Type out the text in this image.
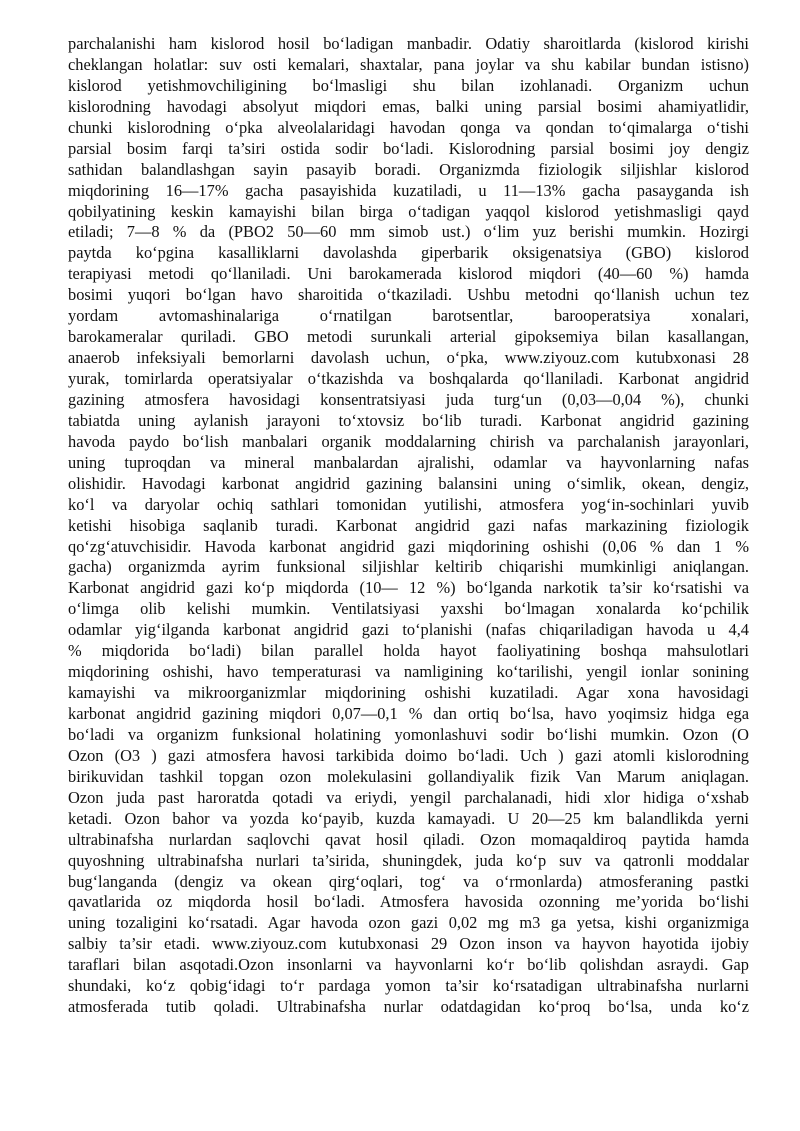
parchalanishi ham kislorod hosil bo‘ladigan manbadir. Odatiy sharoitlarda (kislorod kirishi
cheklangan holatlar: suv osti kemalari, shaxtalar, pana joylar va shu kabilar bundan istisno)
kislorod yetishmovchiligining bo‘lmasligi shu bilan izohlanadi. Organizm uchun
kislorodning havodagi absolyut miqdori emas, balki uning parsial bosimi ahamiyatlidir,
chunki kislorodning o‘pka alveolalaridagi havodan qonga va qondan to‘qimalarga o‘tishi
parsial bosim farqi ta’siri ostida sodir bo‘ladi. Kislorodning parsial bosimi joy dengiz
sathidan balandlashgan sayin pasayib boradi. Organizmda fiziologik siljishlar kislorod
miqdorining 16—17% gacha pasayishida kuzatiladi, u 11—13% gacha pasayganda ish
qobilyatining keskin kamayishi bilan birga o‘tadigan yaqqol kislorod yetishmasligi qayd
etiladi; 7—8 % da (PBO2 50—60 mm simob ust.) o‘lim yuz berishi mumkin. Hozirgi
paytda ko‘pgina kasalliklarni davolashda giperbarik oksigenatsiya (GBO) kislorod
terapiyasi metodi qo‘llaniladi. Uni barokamerada kislorod miqdori (40—60 %) hamda
bosimi yuqori bo‘lgan havo sharoitida o‘tkaziladi. Ushbu metodni qo‘llanish uchun tez
yordam avtomashinalariga o‘rnatilgan barotsentlar, barooperatsiya xonalari,
barokameralar quriladi. GBO metodi surunkali arterial gipoksemiya bilan kasallangan,
anaerob infeksiyali bemorlarni davolash uchun, o‘pka, www.ziyouz.com kutubxonasi 28
yurak, tomirlarda operatsiyalar o‘tkazishda va boshqalarda qo‘llaniladi. Karbonat angidrid
gazining atmosfera havosidagi konsentratsiyasi juda turg‘un (0,03—0,04 %), chunki
tabiatda uning aylanish jarayoni to‘xtovsiz bo‘lib turadi. Karbonat angidrid gazining
havoda paydo bo‘lish manbalari organik moddalarning chirish va parchalanish jarayonlari,
uning tuproqdan va mineral manbalardan ajralishi, odamlar va hayvonlarning nafas
olishidir. Havodagi karbonat angidrid gazining balansini uning o‘simlik, okean, dengiz,
ko‘l va daryolar ochiq sathlari tomonidan yutilishi, atmosfera yog‘in-sochinlari yuvib
ketishi hisobiga saqlanib turadi. Karbonat angidrid gazi nafas markazining fiziologik
qo‘zg‘atuvchisidir. Havoda karbonat angidrid gazi miqdorining oshishi (0,06 % dan 1 %
gacha) organizmda ayrim funksional siljishlar keltirib chiqarishi mumkinligi aniqlangan.
Karbonat angidrid gazi ko‘p miqdorda (10— 12 %) bo‘lganda narkotik ta’sir ko‘rsatishi va
o‘limga olib kelishi mumkin. Ventilatsiyasi yaxshi bo‘lmagan xonalarda ko‘pchilik
odamlar yig‘ilganda karbonat angidrid gazi to‘planishi (nafas chiqariladigan havoda u 4,4
% miqdorida bo‘ladi) bilan parallel holda hayot faoliyatining boshqa mahsulotlari
miqdorining oshishi, havo temperaturasi va namligining ko‘tarilishi, yengil ionlar sonining
kamayishi va mikroorganizmlar miqdorining oshishi kuzatiladi. Agar xona havosidagi
karbonat angidrid gazining miqdori 0,07—0,1 % dan ortiq bo‘lsa, havo yoqimsiz hidga ega
bo‘ladi va organizm funksional holatining yomonlashuvi sodir bo‘lishi mumkin. Ozon (O
Ozon (O3 ) gazi atmosfera havosi tarkibida doimo bo‘ladi. Uch ) gazi atomli kislorodning
birikuvidan tashkil topgan ozon molekulasini gollandiyalik fizik Van Marum aniqlagan.
Ozon juda past haroratda qotadi va eriydi, yengil parchalanadi, hidi xlor hidiga o‘xshab
ketadi. Ozon bahor va yozda ko‘payib, kuzda kamayadi. U 20—25 km balandlikda yerni
ultrabinafsha nurlardan saqlovchi qavat hosil qiladi. Ozon momaqaldiroq paytida hamda
quyoshning ultrabinafsha nurlari ta’sirida, shuningdek, juda ko‘p suv va qatronli moddalar
bug‘langanda (dengiz va okean qirg‘oqlari, tog‘ va o‘rmonlarda) atmosferaning pastki
qavatlarida oz miqdorda hosil bo‘ladi. Atmosfera havosida ozonning me’yorida bo‘lishi
uning tozaligini ko‘rsatadi. Agar havoda ozon gazi 0,02 mg m3 ga yetsa, kishi organizmiga
salbiy ta’sir etadi. www.ziyouz.com kutubxonasi 29 Ozon inson va hayvon hayotida ijobiy
taraflari bilan asqotadi.Ozon insonlarni va hayvonlarni ko‘r bo‘lib qolishdan asraydi. Gap
shundaki, ko‘z qobig‘idagi to‘r pardaga yomon ta’sir ko‘rsatadigan ultrabinafsha nurlarni
atmosferada tutib qoladi. Ultrabinafsha nurlar odatdagidan ko‘proq bo‘lsa, unda ko‘z
